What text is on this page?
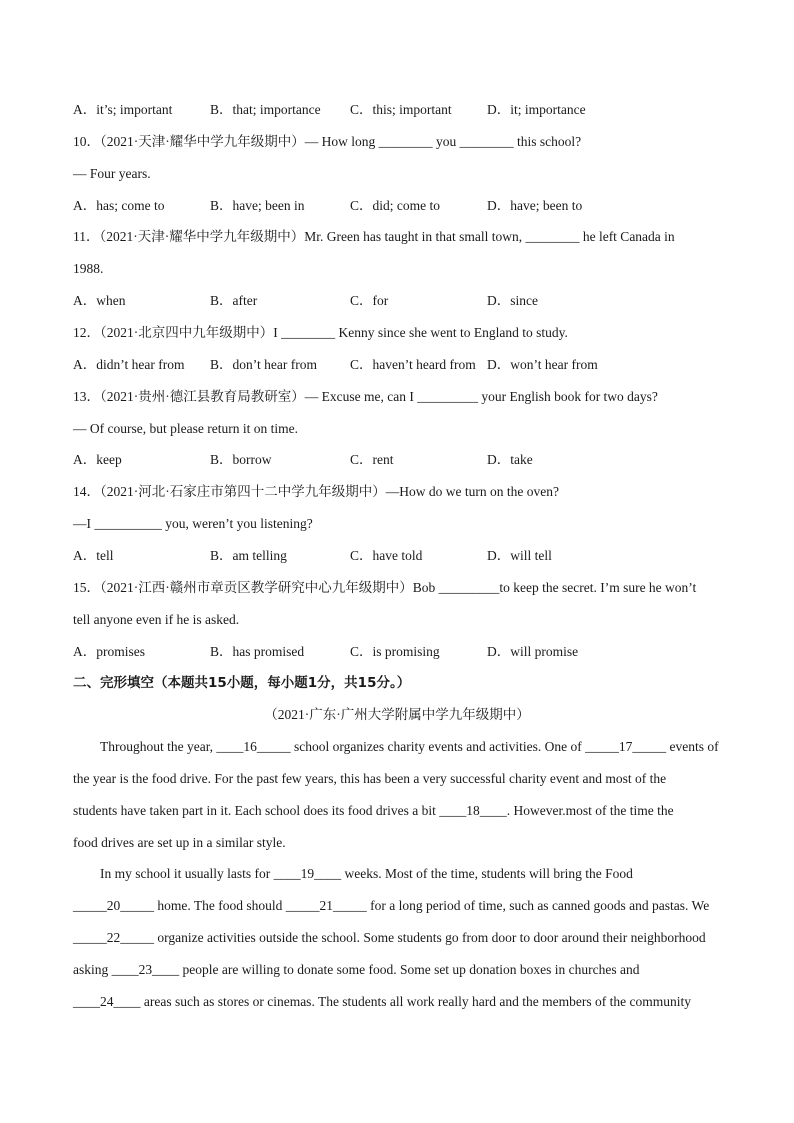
A．it’s; important	B．that; importance C．this; important	D．it; importance
10．（2021·天津·耀华中学九年级期中）— How long ________ you ________ this school?
— Four years.
A．has; come to	B．have; been in	C．did; come to	D．have; been to
11．（2021·天津·耀华中学九年级期中）Mr. Green has taught in that small town, ________ he left Canada in
1988.
A．when	B．after	C．for	D．since
12．（2021·北京四中九年级期中）I ________ Kenny since she went to England to study.
A．didn’t hear from B．don’t hear from C．haven’t heard from D．won’t hear from
13．（2021·贵州·德江县教育局教研室）— Excuse me, can I _________ your English book for two days?
— Of course, but please return it on time.
A．keep	B．borrow	C．rent	D．take
14．（2021·河北·石家庄市第四十二中学九年级期中）—How do we turn on the oven?
—I __________ you, weren’t you listening?
A．tell	B．am telling	C．have told	D．will tell
15．（2021·江西·赣州市章贡区教学研究中心九年级期中）Bob _________to keep the secret. I’m sure he won’t
tell anyone even if he is asked.
A．promises	B．has promised	C．is promising	D．will promise
二、完形填空（本题共15小题，每小题1分，共15分。）
（2021·广东·广州大学附属中学九年级期中）
Throughout the year, ____16_____ school organizes charity events and activities. One of _____17_____ events of
the year is the food drive. For the past few years, this has been a very successful charity event and most of the
students have taken part in it. Each school does its food drives a bit ____18____. However.most of the time the
food drives are set up in a similar style.
In my school it usually lasts for ____19____ weeks. Most of the time, students will bring the Food
_____20_____ home. The food should _____21_____ for a long period of time, such as canned goods and pastas. We
_____22_____ organize activities outside the school. Some students go from door to door around their neighborhood
asking ____23____ people are willing to donate some food. Some set up donation boxes in churches and
____24____ areas such as stores or cinemas. The students all work really hard and the members of the community
